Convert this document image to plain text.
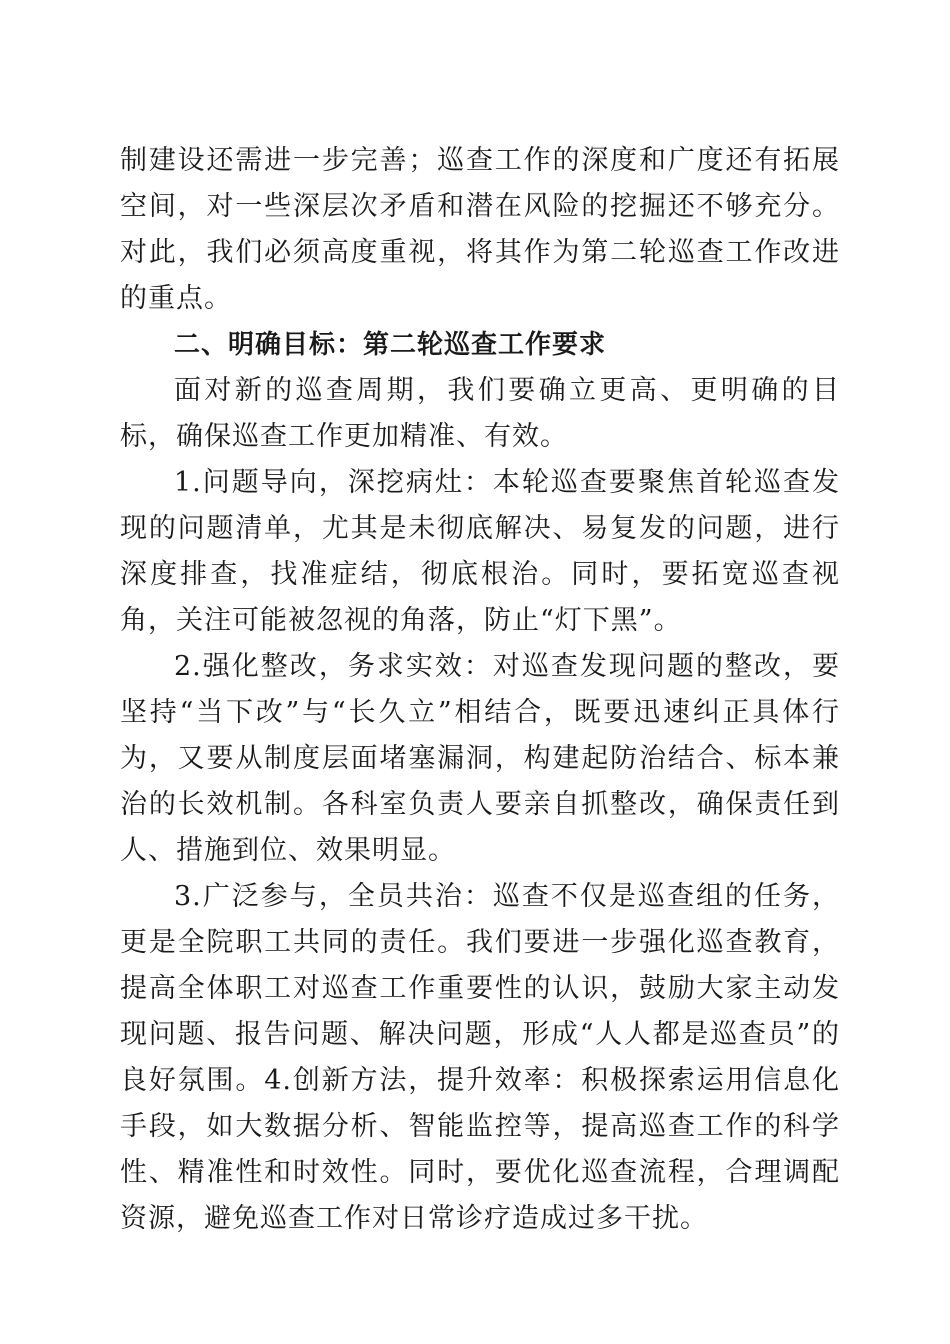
制建设还需进一步完善；巡查工作的深度和广度还有拓展空间，对一些深层次矛盾和潜在风险的挖掘还不够充分。对此，我们必须高度重视，将其作为第二轮巡查工作改进的重点。

二、明确目标：第二轮巡查工作要求

面对新的巡查周期，我们要确立更高、更明确的目标，确保巡查工作更加精准、有效。

1.问题导向，深挖病灶：本轮巡查要聚焦首轮巡查发现的问题清单，尤其是未彻底解决、易复发的问题，进行深度排查，找准症结，彻底根治。同时，要拓宽巡查视角，关注可能被忽视的角落，防止“灯下黑”。

2.强化整改，务求实效：对巡查发现问题的整改，要坚持“当下改”与“长久立”相结合，既要迅速纠正具体行为，又要从制度层面堵塞漏洞，构建起防治结合、标本兼治的长效机制。各科室负责人要亲自抓整改，确保责任到人、措施到位、效果明显。

3.广泛参与，全员共治：巡查不仅是巡查组的任务，更是全院职工共同的责任。我们要进一步强化巡查教育，提高全体职工对巡查工作重要性的认识，鼓励大家主动发现问题、报告问题、解决问题，形成“人人都是巡查员”的良好氛围。4.创新方法，提升效率：积极探索运用信息化手段，如大数据分析、智能监控等，提高巡查工作的科学性、精准性和时效性。同时，要优化巡查流程，合理调配资源，避免巡查工作对日常诊疗造成过多干扰。
